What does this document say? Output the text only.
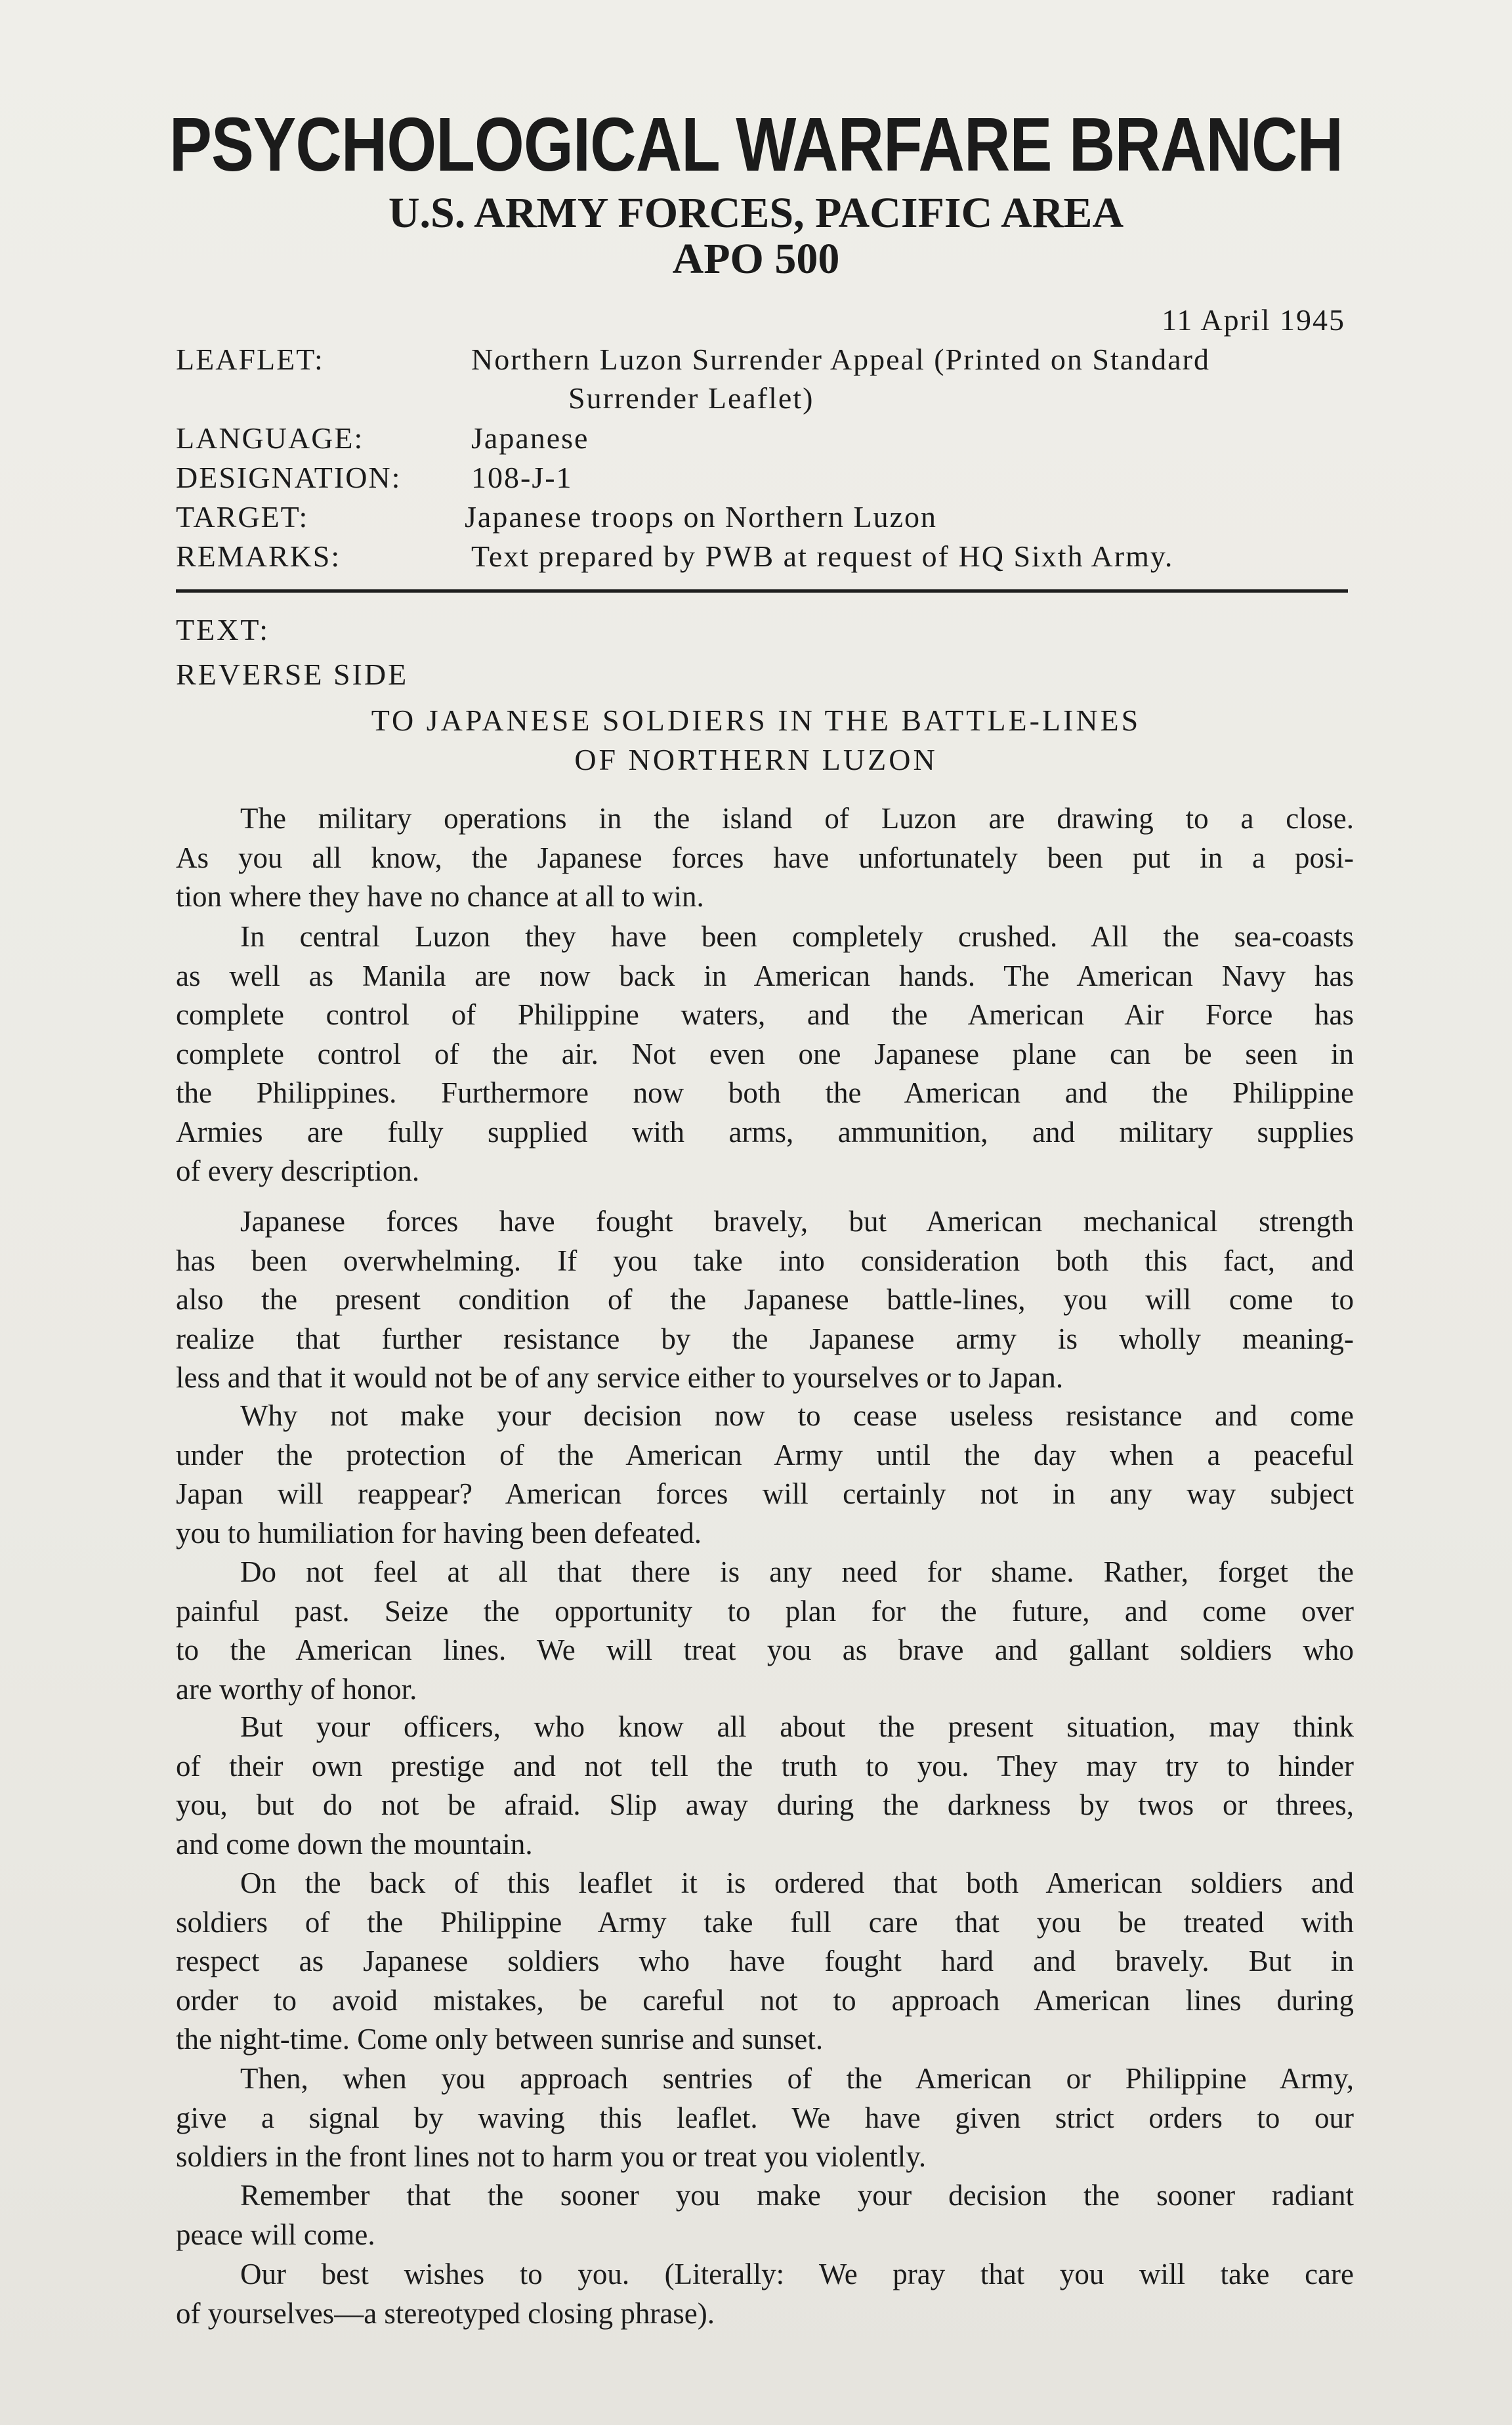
PSYCHOLOGICAL WARFARE BRANCH
U.S. ARMY FORCES, PACIFIC AREA
APO 500
11 April 1945
LEAFLET:	Northern Luzon Surrender Appeal (Printed on Standard
Surrender Leaflet)
LANGUAGE:	Japanese
DESIGNATION: 108-J-1
TARGET:	Japanese troops on Northern Luzon
REMARKS:	Text prepared by PWB at request of HQ Sixth Army.
TEXT:
REVERSE SIDE
TO JAPANESE SOLDIERS IN THE BATTLE-LINES
OF NORTHERN LUZON
The military operations in the island of Luzon are drawing to a close.
As you all know, the Japanese forces have unfortunately been put in a posi-
tion where they have no chance at all to win.
In central Luzon they have been completely crushed. All the sea-coasts
as well as Manila are now back in American hands. The American Navy has
complete control of Philippine waters, and the American Air Force has
complete control of the air. Not even one Japanese plane can be seen in
the Philippines. Furthermore now both the American and the Philippine
Armies are fully supplied with arms, ammunition, and military supplies
of every description.
Japanese forces have fought bravely, but American mechanical strength
has been overwhelming. If you take into consideration both this fact, and
also the present condition of the Japanese battle-lines, you will come to
realize that further resistance by the Japanese army is wholly meaning-
less and that it would not be of any service either to yourselves or to Japan.
Why not make your decision now to cease useless resistance and come
under the protection of the American Army until the day when a peaceful
Japan will reappear? American forces will certainly not in any way subject
you to humiliation for having been defeated.
Do not feel at all that there is any need for shame. Rather, forget the
painful past. Seize the opportunity to plan for the future, and come over
to the American lines. We will treat you as brave and gallant soldiers who
are worthy of honor.
But your officers, who know all about the present situation, may think
of their own prestige and not tell the truth to you. They may try to hinder
you, but do not be afraid. Slip away during the darkness by twos or threes,
and come down the mountain.
On the back of this leaflet it is ordered that both American soldiers and
soldiers of the Philippine Army take full care that you be treated with
respect as Japanese soldiers who have fought hard and bravely. But in
order to avoid mistakes, be careful not to approach American lines during
the night-time. Come only between sunrise and sunset.
Then, when you approach sentries of the American or Philippine Army,
give a signal by waving this leaflet. We have given strict orders to our
soldiers in the front lines not to harm you or treat you violently.
Remember that the sooner you make your decision the sooner radiant
peace will come.
Our best wishes to you. (Literally: We pray that you will take care
of yourselves—a stereotyped closing phrase).
